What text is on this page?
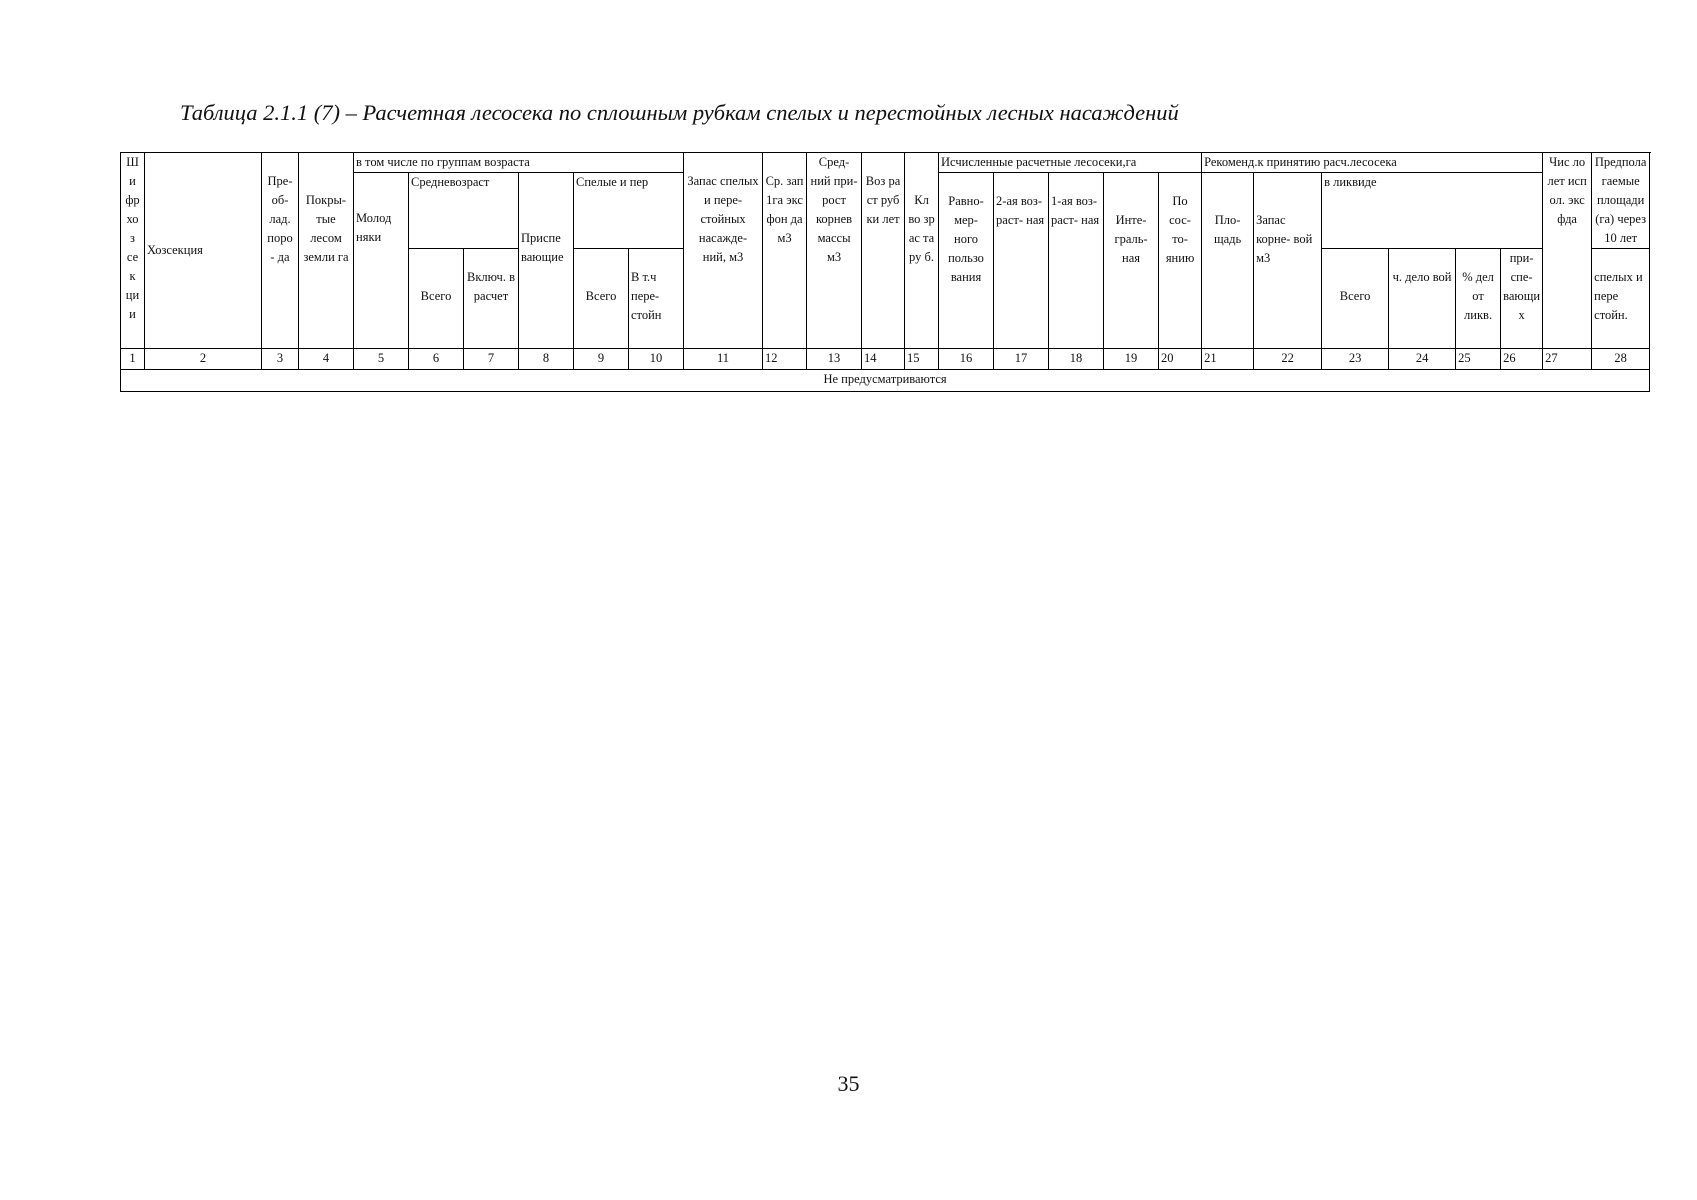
Таблица 2.1.1 (7) – Расчетная лесосека по сплошным рубкам спелых и перестойных лесных насаждений
Ши фр хо з се к ци и	Хозсекция	Пре- об- лад. поро - да	Покры- тые лесом земли га	в том числе по группам возраста						Запас спелых и пере- стойных насажде- ний, м3	Ср. зап 1га экс фон да м3	Сред- ний при- рост корнев массы м3	Воз ра ст руб ки лет	Кл во зр ас та ру б.	Исчисленные расчетные лесосеки,га					Рекоменд.к принятию расч.лесосека						Чис ло лет исп ол. экс фда	Предполагаемые площади (га) через 10 лет
				Молод няки	Средневозраст		Приспе вающие	Спелые и пер							Равно- мер- ного пользо вания	2-ая воз- раст- ная	1-ая воз- раст- ная	Инте- граль- ная	По сос- то- янию	Пло- щадь	Запас корне- вой м3	в ликвиде					
					Всего	Включ. в расчет		Всего	В т.ч пере- стойн													Всего	ч. дело вой	% дел от ликв.	при- спе- вающи х		спелых и пере стойн.
1	2	3	4	5	6	7	8	9	10	11	12	13	14	15	16	17	18	19	20	21	22	23	24	25	26	27	28
Не предусматриваются																											
35
